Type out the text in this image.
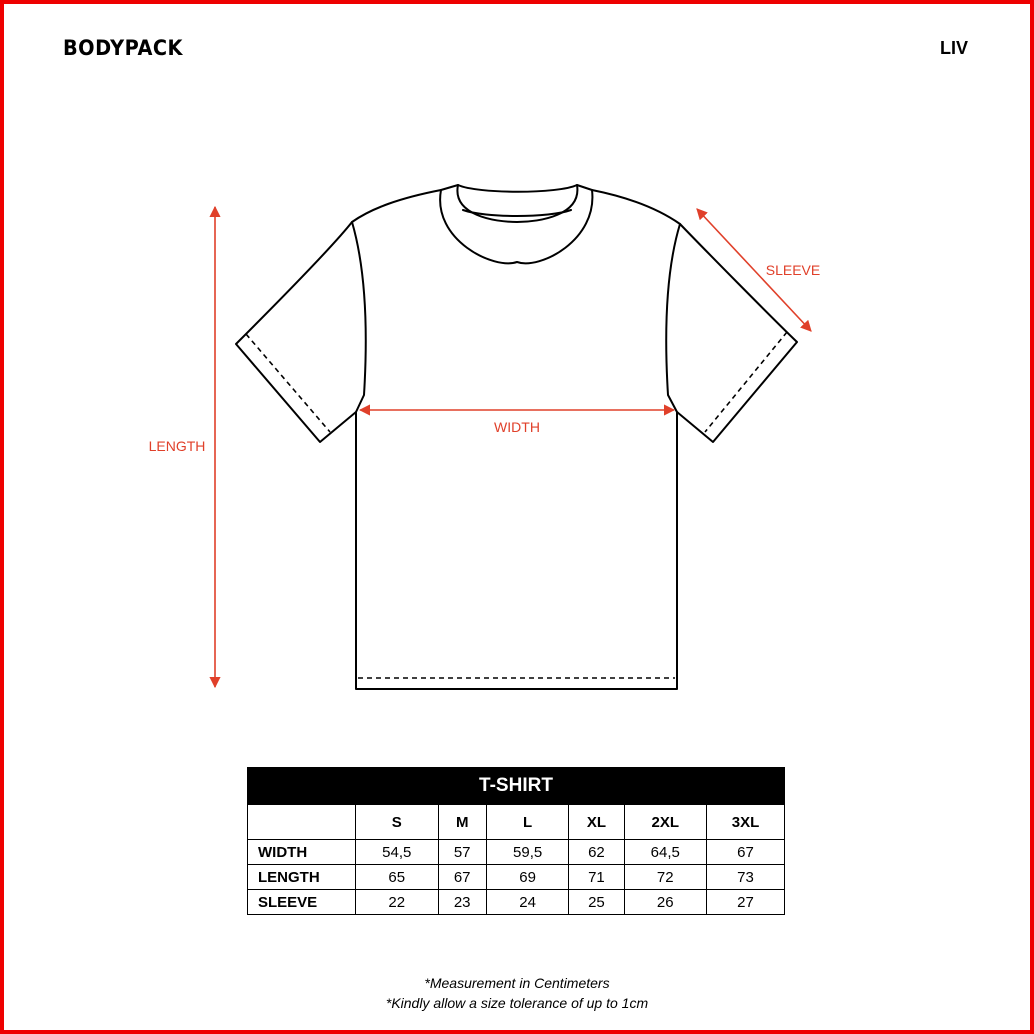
BODYPACK	LIV
LENGTH
WIDTH
SLEEVE
T-SHIRT						
	S	M	L	XL	2XL	3XL
WIDTH	54,5	57	59,5	62	64,5	67
LENGTH	65	67	69	71	72	73
SLEEVE	22	23	24	25	26	27
*Measurement in Centimeters
*Kindly allow a size tolerance of up to 1cm
